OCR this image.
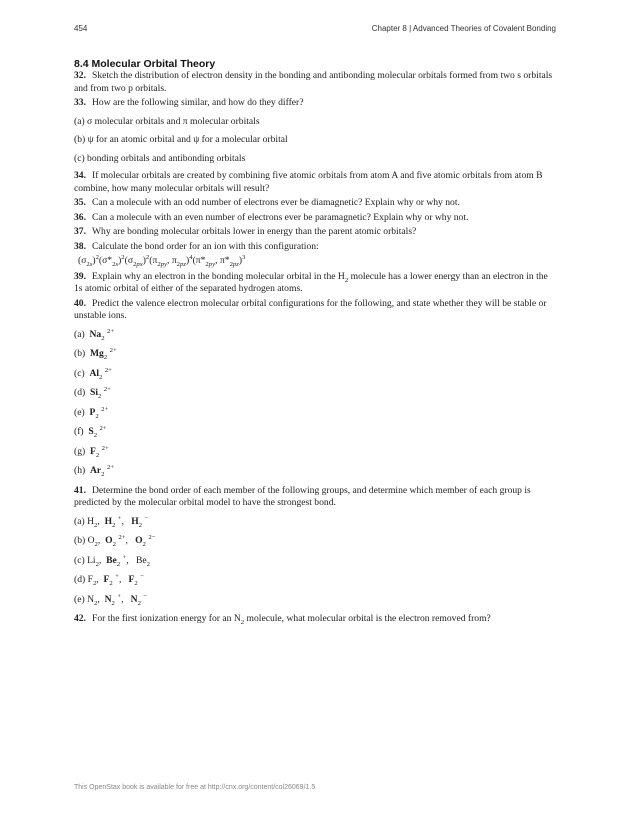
454	Chapter 8 | Advanced Theories of Covalent Bonding
8.4 Molecular Orbital Theory

32. Sketch the distribution of electron density in the bonding and antibonding molecular orbitals formed from two s orbitals and from two p orbitals.

33. How are the following similar, and how do they differ?

(a) σ molecular orbitals and π molecular orbitals

(b) ψ for an atomic orbital and ψ for a molecular orbital

(c) bonding orbitals and antibonding orbitals

34. If molecular orbitals are created by combining five atomic orbitals from atom A and five atomic orbitals from atom B combine, how many molecular orbitals will result?

35. Can a molecule with an odd number of electrons ever be diamagnetic? Explain why or why not.

36. Can a molecule with an even number of electrons ever be paramagnetic? Explain why or why not.

37. Why are bonding molecular orbitals lower in energy than the parent atomic orbitals?

38. Calculate the bond order for an ion with this configuration:

$(\sigma_{2s})^2(\sigma*_{2s})^2(\sigma_{2px})^2(\pi_{2py}$, $\pi_{2pz})^4(\pi*_{2py}$, $\pi*_{2pz})^3$

39. Explain why an electron in the bonding molecular orbital in the $H_2$ molecule has a lower energy than an electron in the 1s atomic orbital of either of the separated hydrogen atoms.

40. Predict the valence electron molecular orbital configurations for the following, and state whether they will be stable or unstable ions.

(a) $Na_2$ $^{2+}$

(b) $Mg_2$ $^{2+}$

(c) $Al_2$ $^{2+}$

(d) $Si_2$ $^{2+}$

(e) $P_2$ $^{2+}$

(f) $S_2$ $^{2+}$

(g) $F_2$ $^{2+}$

(h) $Ar_2$ $^{2+}$

41. Determine the bond order of each member of the following groups, and determine which member of each group is predicted by the molecular orbital model to have the strongest bond.

(a) $H_2$,  $H_2$ +,   $H_2$ −

(b) $O_2$,  $O_2$ $^{2+}$,   $O_2$ $^{2-}$

(c) $Li_2$,  $Be_2$ +,   $Be_2$

(d) $F_2$,  $F_2$ +,   $F_2$ −

(e) $N_2$,  $N_2$ +,   $N_2$ −

42. For the first ionization energy for an $N_2$ molecule, what molecular orbital is the electron removed from?

This OpenStax book is available for free at http://cnx.org/content/col26069/1.5
